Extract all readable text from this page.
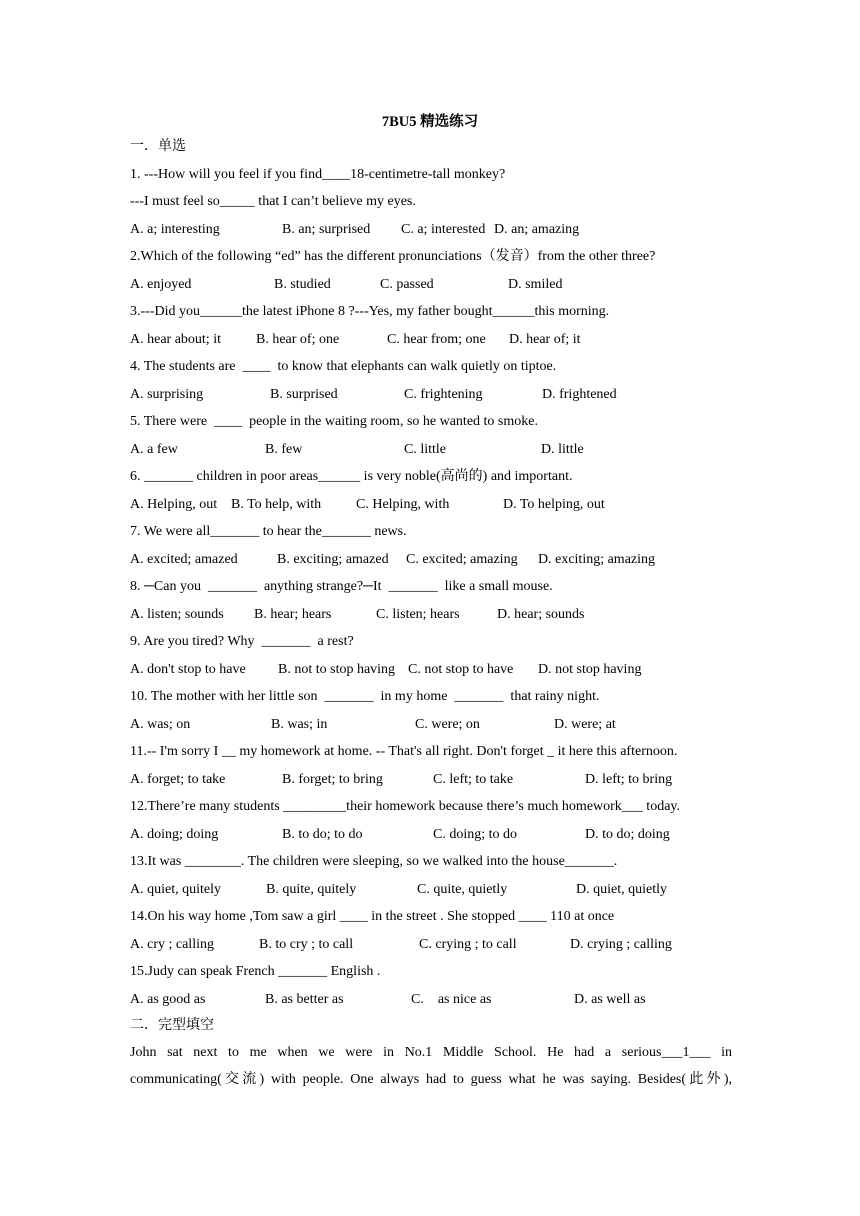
7BU5 精选练习
一．单选
1. ---How will you feel if you find____18-centimetre-tall monkey?
---I must feel so_____ that I can’t believe my eyes.
A. a; interesting	B. an; surprised C. a; interested D. an; amazing
2.Which of the following “ed” has the different pronunciations（发音）from the other three?
A. enjoyed	B. studied	C. passed	D. smiled
3.---Did you______the latest iPhone 8 ?---Yes, my father bought______this morning.
A. hear about; it	B. hear of; one	C. hear from; one D. hear of; it
4. The students are  ____  to know that elephants can walk quietly on tiptoe.
A. surprising	B. surprised	C. frightening	D. frightened
5. There were  ____  people in the waiting room, so he wanted to smoke.
A. a few	B. few	C. little	D. little
6. _______ children in poor areas______ is very noble(高尚的) and important.
A. Helping, out B. To help, with C. Helping, with	D. To helping, out
7. We were all_______ to hear the_______ news.
A. excited; amazed	B. exciting; amazed C. excited; amazing D. exciting; amazing
8. ─Can you  _______  anything strange?─It  _______  like a small mouse.
A. listen; sounds B. hear; hears	C. listen; hears	D. hear; sounds
9. Are you tired? Why  _______  a rest?
A. don't stop to have B. not to stop having C. not stop to have D. not stop having
10. The mother with her little son  _______  in my home  _______  that rainy night.
A. was; on	B. was; in	C. were; on	D. were; at
11.-- I'm sorry I __ my homework at home. -- That's all right. Don't forget _ it here this afternoon.
A. forget; to take	B. forget; to bring	C. left; to take	D. left; to bring
12.There’re many students _________their homework because there’s much homework___ today.
A. doing; doing	B. to do; to do	C. doing; to do	D. to do; doing
13.It was ________. The children were sleeping, so we walked into the house_______.
A. quiet, quitely	B. quite, quitely	C. quite, quietly	D. quiet, quietly
14.On his way home ,Tom saw a girl ____ in the street . She stopped ____ 110 at once
A. cry ; calling	B. to cry ; to call	C. crying ; to call	D. crying ; calling
15.Judy can speak French _______ English .
A. as good as	B. as better as	C.    as nice as	D. as well as
二．完型填空
John sat next to me when we were in No.1 Middle School. He had a serious___1___ in
communicating(交流) with people. One always had to guess what he was saying. Besides(此外),
